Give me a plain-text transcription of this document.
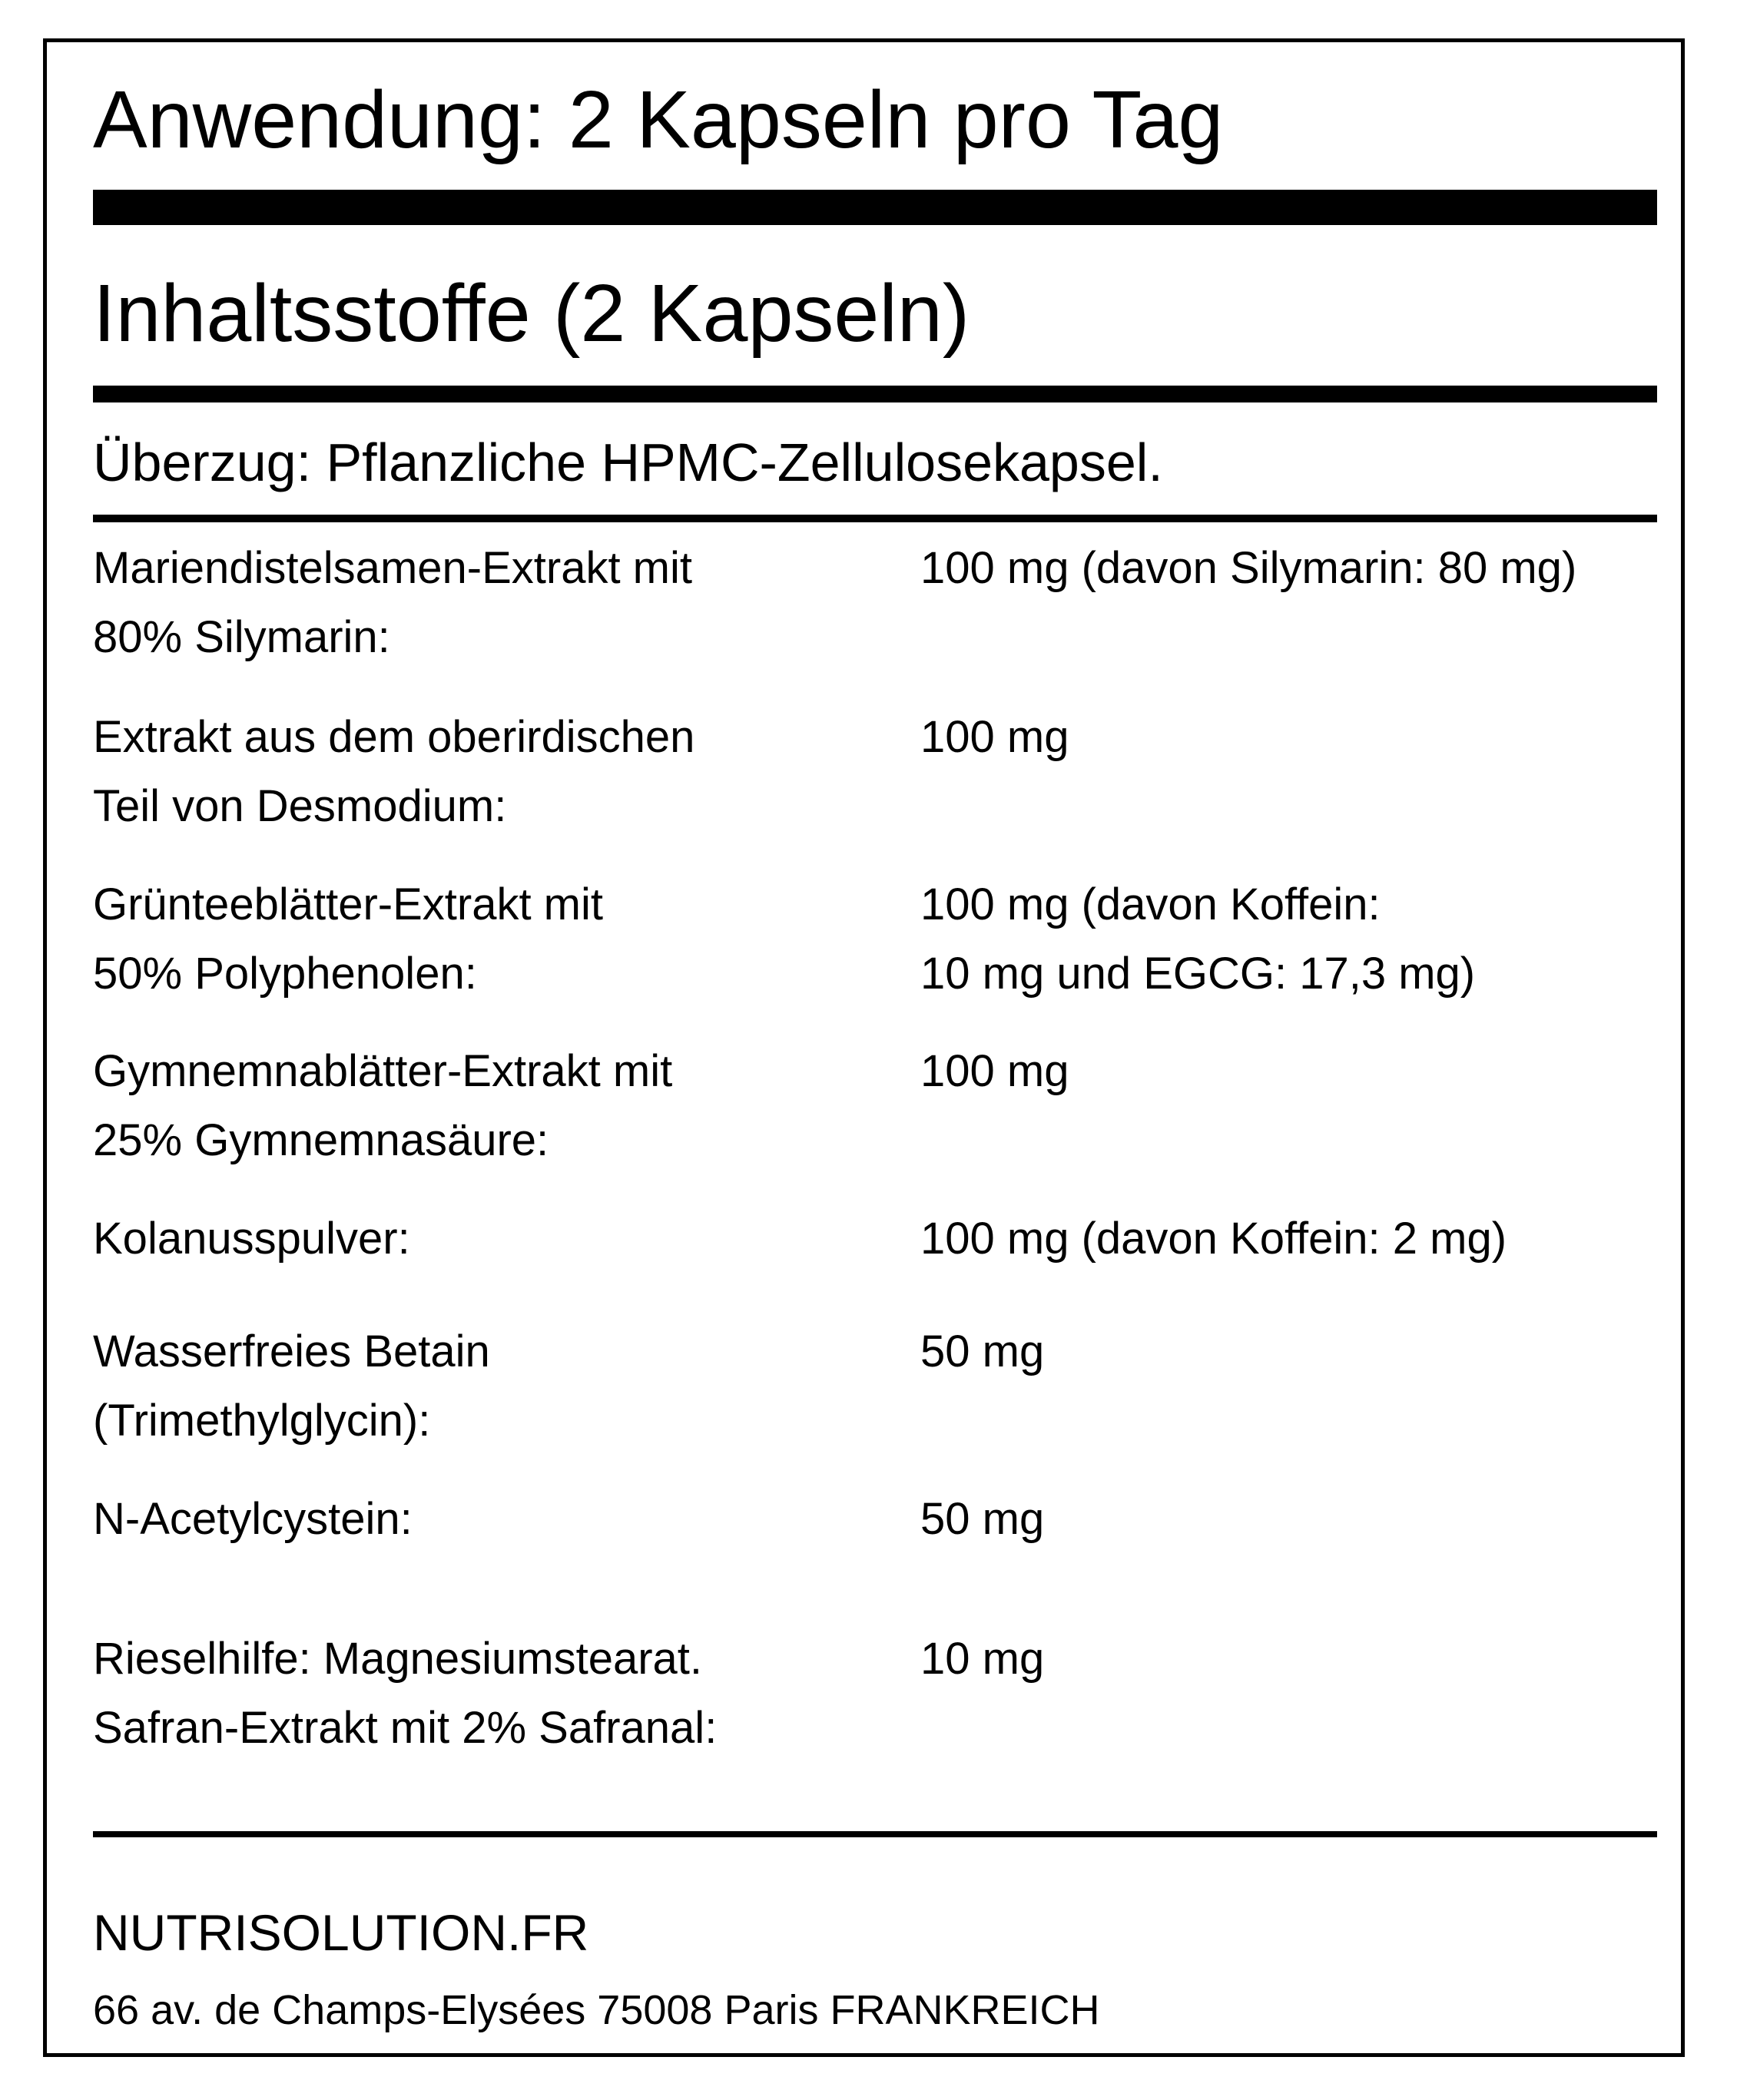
Anwendung: 2 Kapseln pro Tag
Inhaltsstoffe (2 Kapseln)
Überzug: Pflanzliche HPMC-Zellulosekapsel.
Mariendistelsamen-Extrakt mit
80% Silymarin:
100 mg (davon Silymarin: 80 mg)
Extrakt aus dem oberirdischen
Teil von Desmodium:
100 mg
Grünteeblätter-Extrakt mit
50% Polyphenolen:
100 mg (davon Koffein:
10 mg und EGCG: 17,3 mg)
Gymnemnablätter-Extrakt mit
25% Gymnemnasäure:
100 mg
Kolanusspulver:	100 mg (davon Koffein: 2 mg)
Wasserfreies Betain
(Trimethylglycin):
50 mg
N-Acetylcystein:	50 mg
Rieselhilfe: Magnesiumstearat.
Safran-Extrakt mit 2% Safranal:
10 mg
NUTRISOLUTION.FR
66 av. de Champs-Elysées 75008 Paris FRANKREICH
